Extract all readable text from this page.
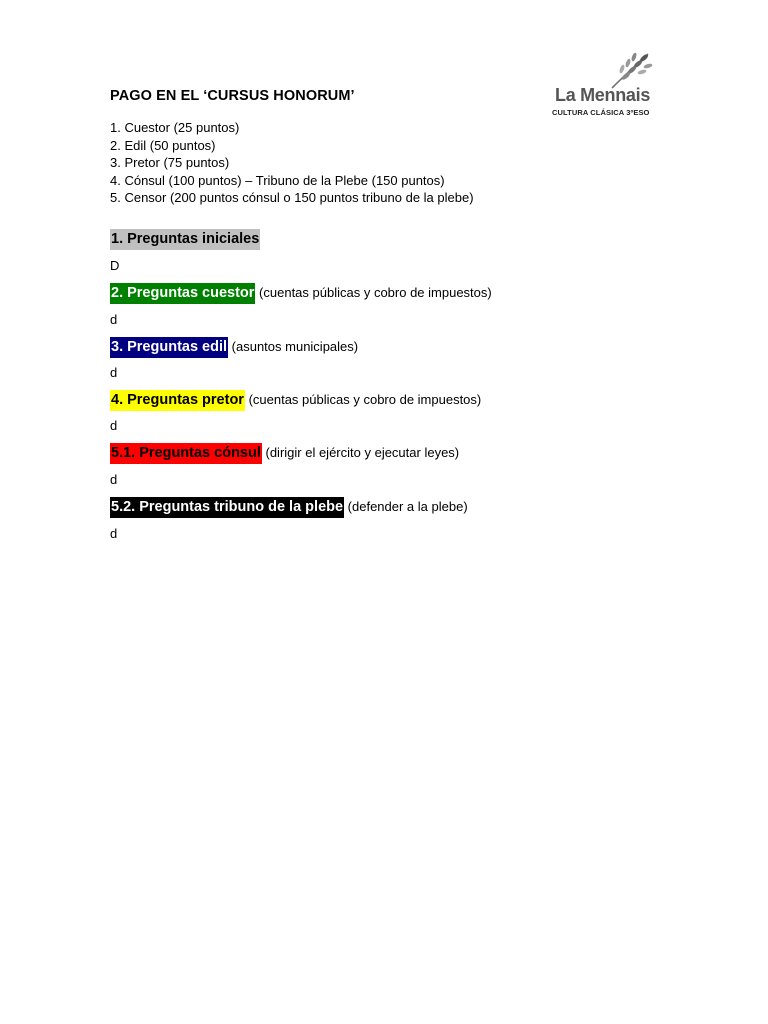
PAGO EN EL ‘CURSUS HONORUM’	La Mennais
CULTURA CLÁSICA 3ºESO
1. Cuestor (25 puntos)
2. Edil (50 puntos)
3. Pretor (75 puntos)
4. Cónsul (100 puntos) – Tribuno de la Plebe (150 puntos)
5. Censor (200 puntos cónsul o 150 puntos tribuno de la plebe)
1. Preguntas iniciales
D
2. Preguntas cuestor (cuentas públicas y cobro de impuestos)
d
3. Preguntas edil (asuntos municipales)
d
4. Preguntas pretor (cuentas públicas y cobro de impuestos)
d
5.1. Preguntas cónsul (dirigir el ejército y ejecutar leyes)
d
5.2. Preguntas tribuno de la plebe (defender a la plebe)
d
